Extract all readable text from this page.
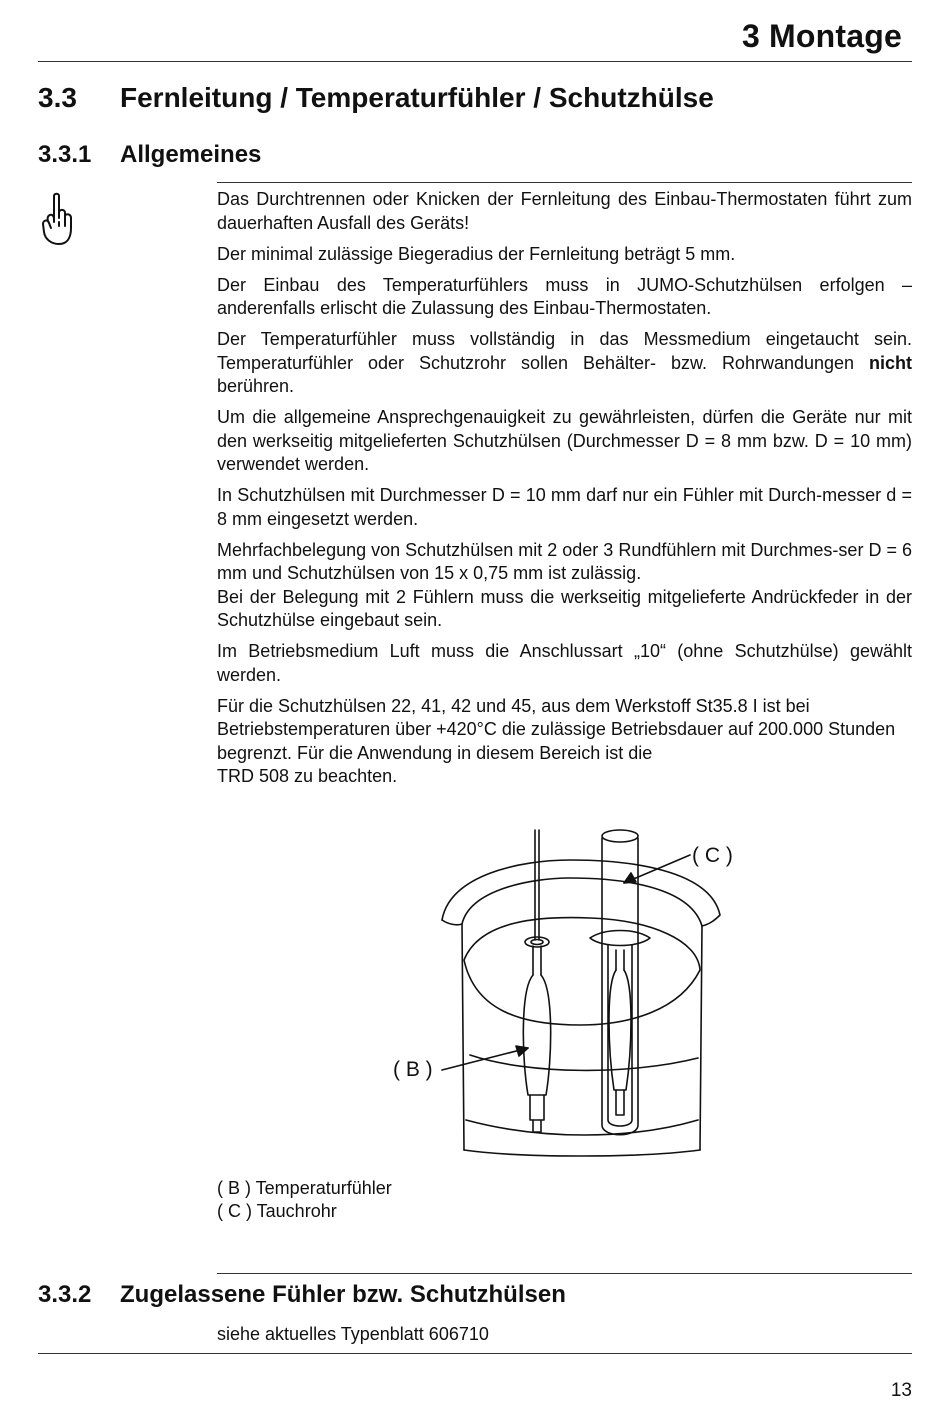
3 Montage
3.3 Fernleitung / Temperaturfühler / Schutzhülse
3.3.1 Allgemeines

Das Durchtrennen oder Knicken der Fernleitung des Einbau-Thermostaten führt zum dauerhaften Ausfall des Geräts!

Der minimal zulässige Biegeradius der Fernleitung beträgt 5 mm.

Der Einbau des Temperaturfühlers muss in JUMO-Schutzhülsen erfolgen – anderenfalls erlischt die Zulassung des Einbau-Thermostaten.

Der Temperaturfühler muss vollständig in das Messmedium eingetaucht sein. Temperaturfühler oder Schutzrohr sollen Behälter- bzw. Rohrwandungen nicht berühren.

Um die allgemeine Ansprechgenauigkeit zu gewährleisten, dürfen die Geräte nur mit den werkseitig mitgelieferten Schutzhülsen (Durchmesser D = 8 mm bzw. D = 10 mm) verwendet werden.

In Schutzhülsen mit Durchmesser D = 10 mm darf nur ein Fühler mit Durch-messer d = 8 mm eingesetzt werden.

Mehrfachbelegung von Schutzhülsen mit 2 oder 3 Rundfühlern mit Durchmes-ser D = 6 mm und Schutzhülsen von 15 x 0,75 mm ist zulässig.
Bei der Belegung mit 2 Fühlern muss die werkseitig mitgelieferte Andrückfeder in der Schutzhülse eingebaut sein.

Im Betriebsmedium Luft muss die Anschlussart „10“ (ohne Schutzhülse) gewählt werden.

Für die Schutzhülsen 22, 41, 42 und 45, aus dem Werkstoff St35.8 I ist bei Betriebstemperaturen über +420°C die zulässige Betriebsdauer auf 200.000 Stunden begrenzt. Für die Anwendung in diesem Bereich ist die
TRD 508 zu beachten.

( B )
( C )
( B ) Temperaturfühler
( C ) Tauchrohr
3.3.2 Zugelassene Fühler bzw. Schutzhülsen
siehe aktuelles Typenblatt 606710
13
